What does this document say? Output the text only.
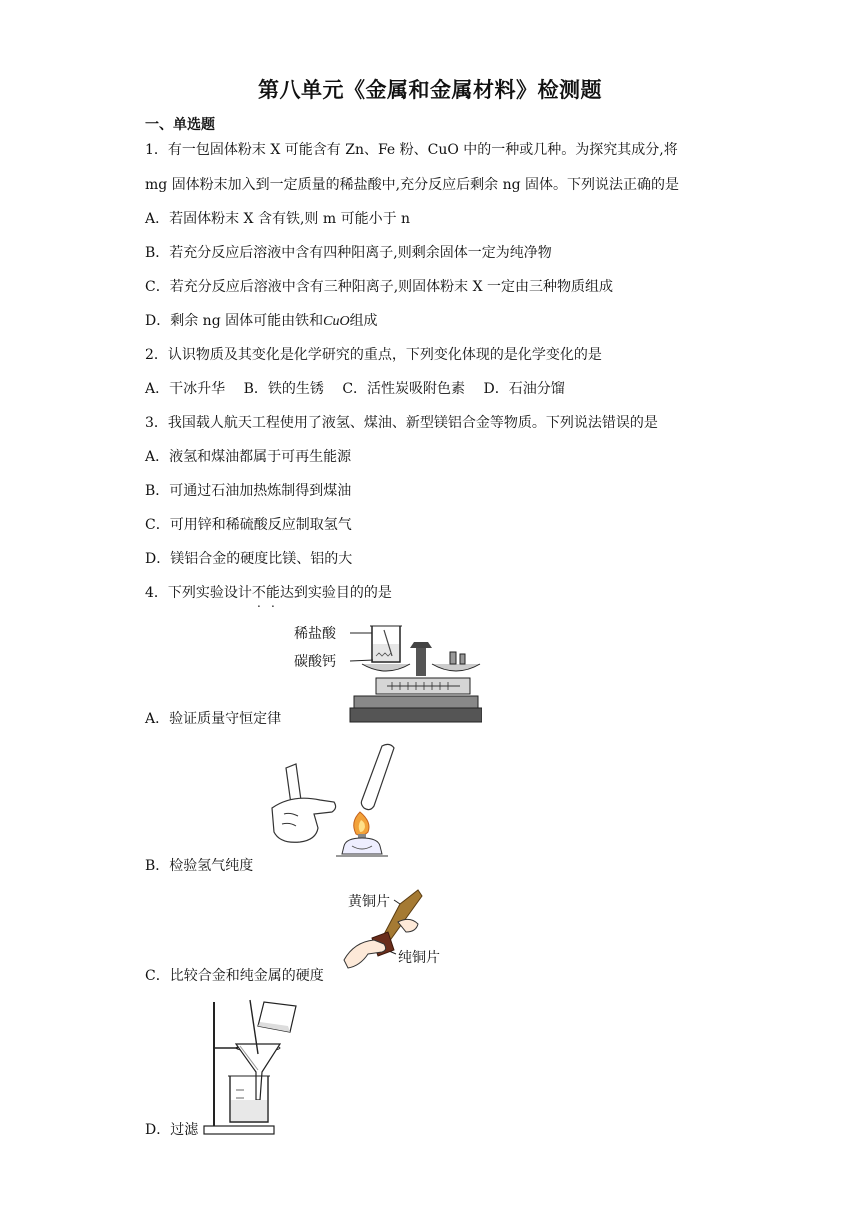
第八单元《金属和金属材料》检测题
一、单选题
1．有一包固体粉末 X 可能含有 Zn、Fe 粉、CuO 中的一种或几种。为探究其成分,将
mg 固体粉末加入到一定质量的稀盐酸中,充分反应后剩余 ng 固体。下列说法正确的是
A．若固体粉末 X 含有铁,则 m 可能小于 n
B．若充分反应后溶液中含有四种阳离子,则剩余固体一定为纯净物
C．若充分反应后溶液中含有三种阳离子,则固体粉末 X 一定由三种物质组成
D．剩余 ng 固体可能由铁和CuO组成
2．认识物质及其变化是化学研究的重点，下列变化体现的是化学变化的是
A．干冰升华 B．铁的生锈 C．活性炭吸附色素 D．石油分馏
3．我国载人航天工程使用了液氢、煤油、新型镁铝合金等物质。下列说法错误的是
A．液氢和煤油都属于可再生能源
B．可通过石油加热炼制得到煤油
C．可用锌和稀硫酸反应制取氢气
D．镁铝合金的硬度比镁、铝的大
4．下列实验设计不能达到实验目的的是
稀盐酸
碳酸钙
A．验证质量守恒定律
B．检验氢气纯度
黄铜片
纯铜片
C．比较合金和纯金属的硬度
D．过滤
